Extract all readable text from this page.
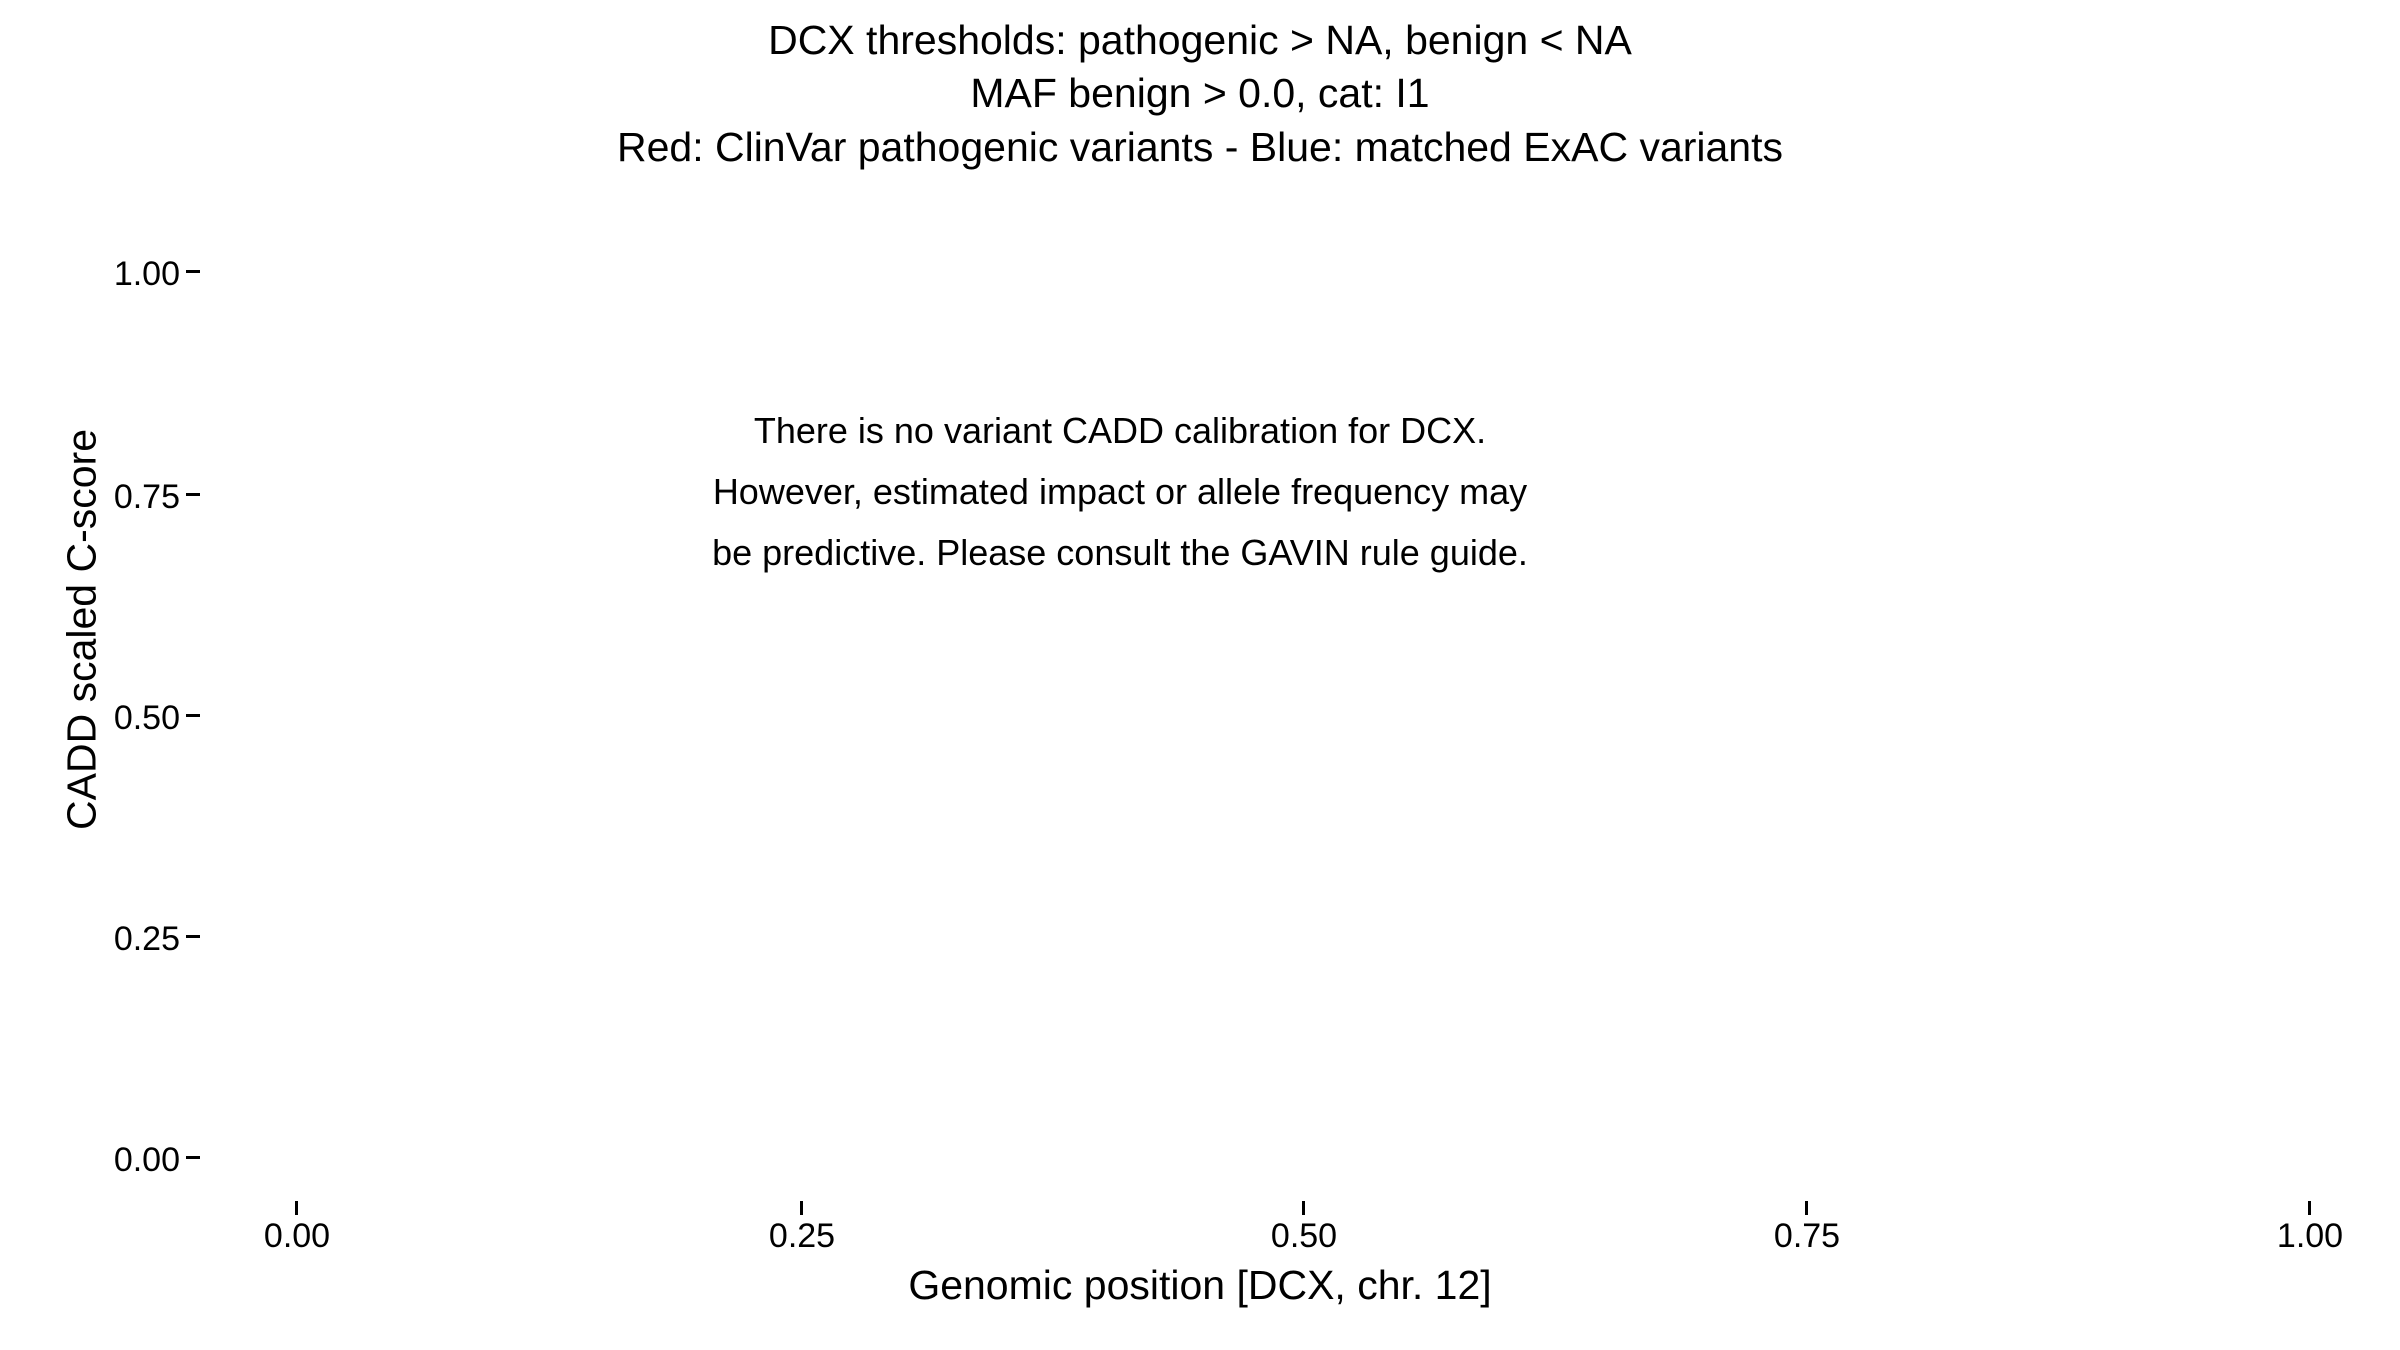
DCX thresholds: pathogenic > NA, benign < NA
MAF benign > 0.0, cat: I1
Red: ClinVar pathogenic variants - Blue: matched ExAC variants
CADD scaled C-score
1.00
0.75
0.50
0.25
0.00
0.00	0.25	0.50	0.75	1.00
Genomic position [DCX, chr. 12]
There is no variant CADD calibration for DCX.
However, estimated impact or allele frequency may
be predictive. Please consult the GAVIN rule guide.
